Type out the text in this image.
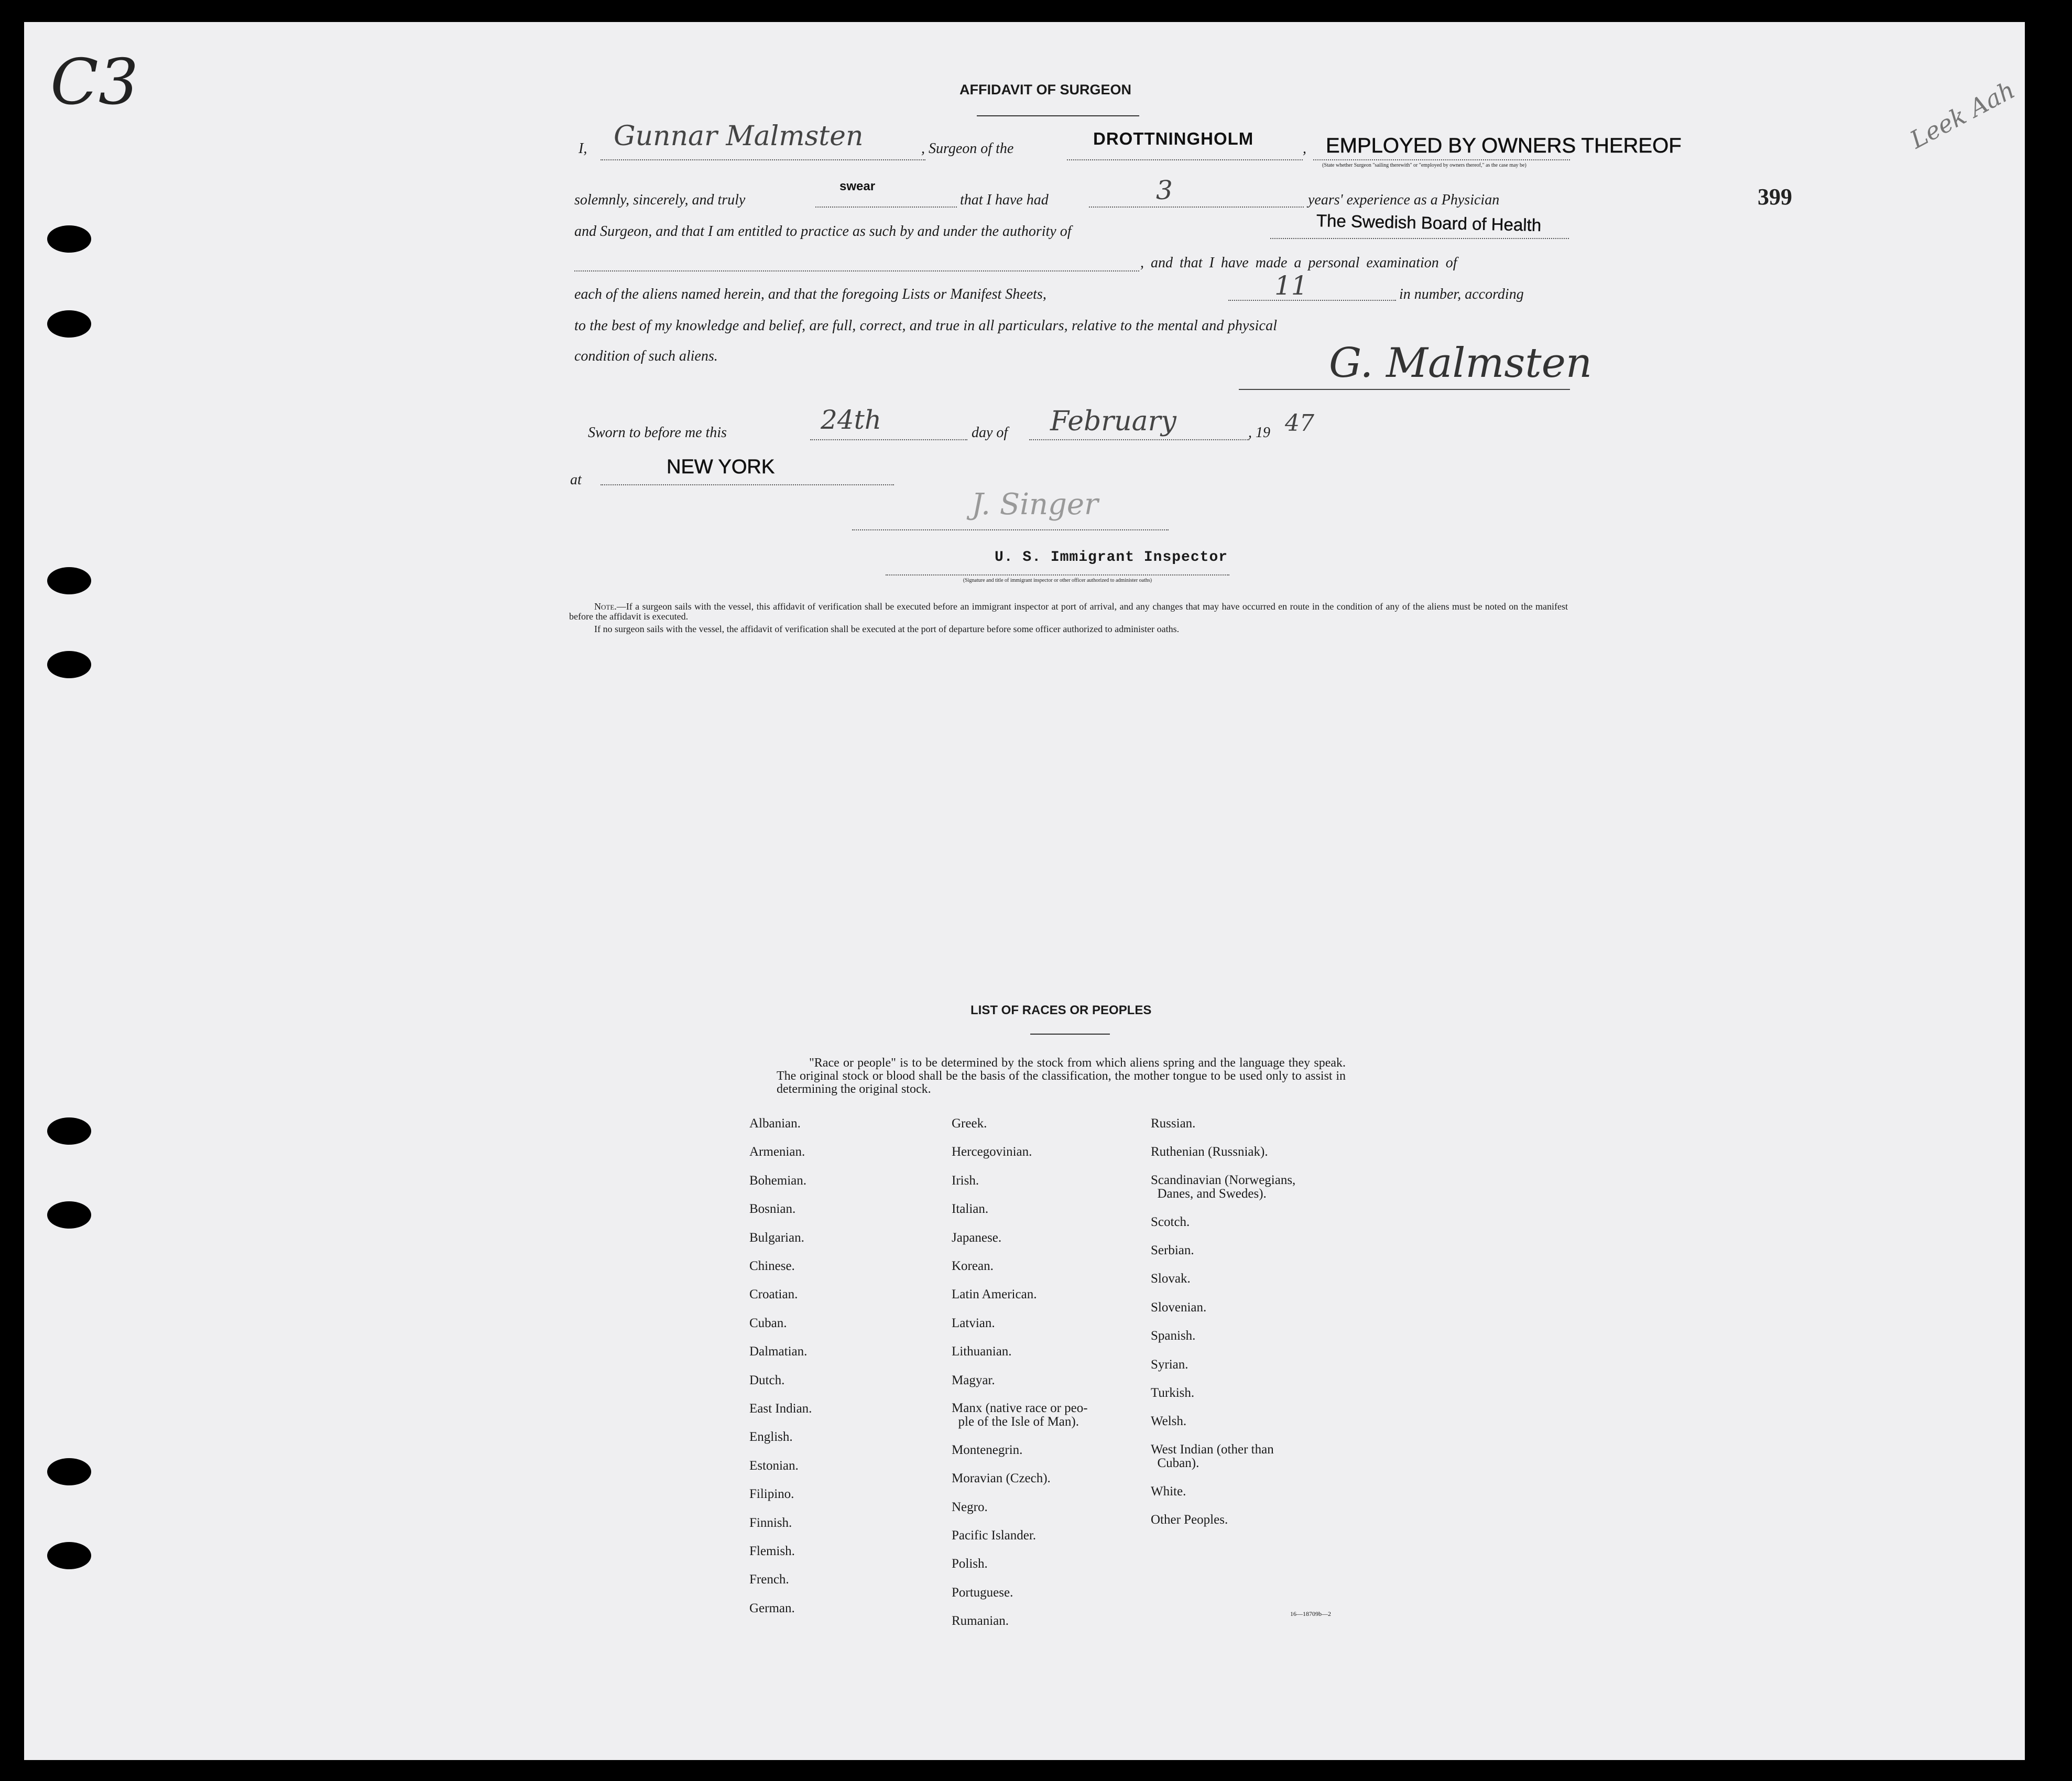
C3
399
Leek Aah
AFFIDAVIT OF SURGEON
I, Gunnar Malmsten	, Surgeon of the
DROTTNINGHOLM
, EMPLOYED BY OWNERS THEREOF
(State whether Surgeon "sailing therewith" or "employed by owners thereof," as the case may be)
solemnly, sincerely, and truly
swear
that I have had	3	years' experience as a Physician
and Surgeon, and that I am entitled to practice as such by and under the authority of	The Swedish Board of Health
, and that I have made a personal examination of
each of the aliens named herein, and that the foregoing Lists or Manifest Sheets,	11	in number, according
to the best of my knowledge and belief, are full, correct, and true in all particulars, relative to the mental and physical
condition of such aliens.	G. Malmsten
Sworn to before me this	24th	day of February	, 19 47
at
NEW YORK
J. Singer
U. S. Immigrant Inspector
(Signature and title of immigrant inspector or other officer authorized to administer oaths)
Note.—If a surgeon sails with the vessel, this affidavit of verification shall be executed before an immigrant inspector at port of arrival, and any changes that may have occurred en route in the condition of any of the aliens must be noted on the manifest before the affidavit is executed.
If no surgeon sails with the vessel, the affidavit of verification shall be executed at the port of departure before some officer authorized to administer oaths.
LIST OF RACES OR PEOPLES
"Race or people" is to be determined by the stock from which aliens spring and the language they speak. The original stock or blood shall be the basis of the classification, the mother tongue to be used only to assist in determining the original stock.
Albanian.
Armenian.
Bohemian.
Bosnian.
Bulgarian.
Chinese.
Croatian.
Cuban.
Dalmatian.
Dutch.
East Indian.
English.
Estonian.
Filipino.
Finnish.
Flemish.
French.
German.
Greek.
Hercegovinian.
Irish.
Italian.
Japanese.
Korean.
Latin American.
Latvian.
Lithuanian.
Magyar.
Manx (native race or peo-
ple of the Isle of Man).
Montenegrin.
Moravian (Czech).
Negro.
Pacific Islander.
Polish.
Portuguese.
Rumanian.
Russian.
Ruthenian (Russniak).
Scandinavian (Norwegians,
Danes, and Swedes).
Scotch.
Serbian.
Slovak.
Slovenian.
Spanish.
Syrian.
Turkish.
Welsh.
West Indian (other than
Cuban).
White.
Other Peoples.
16—18709b—2
